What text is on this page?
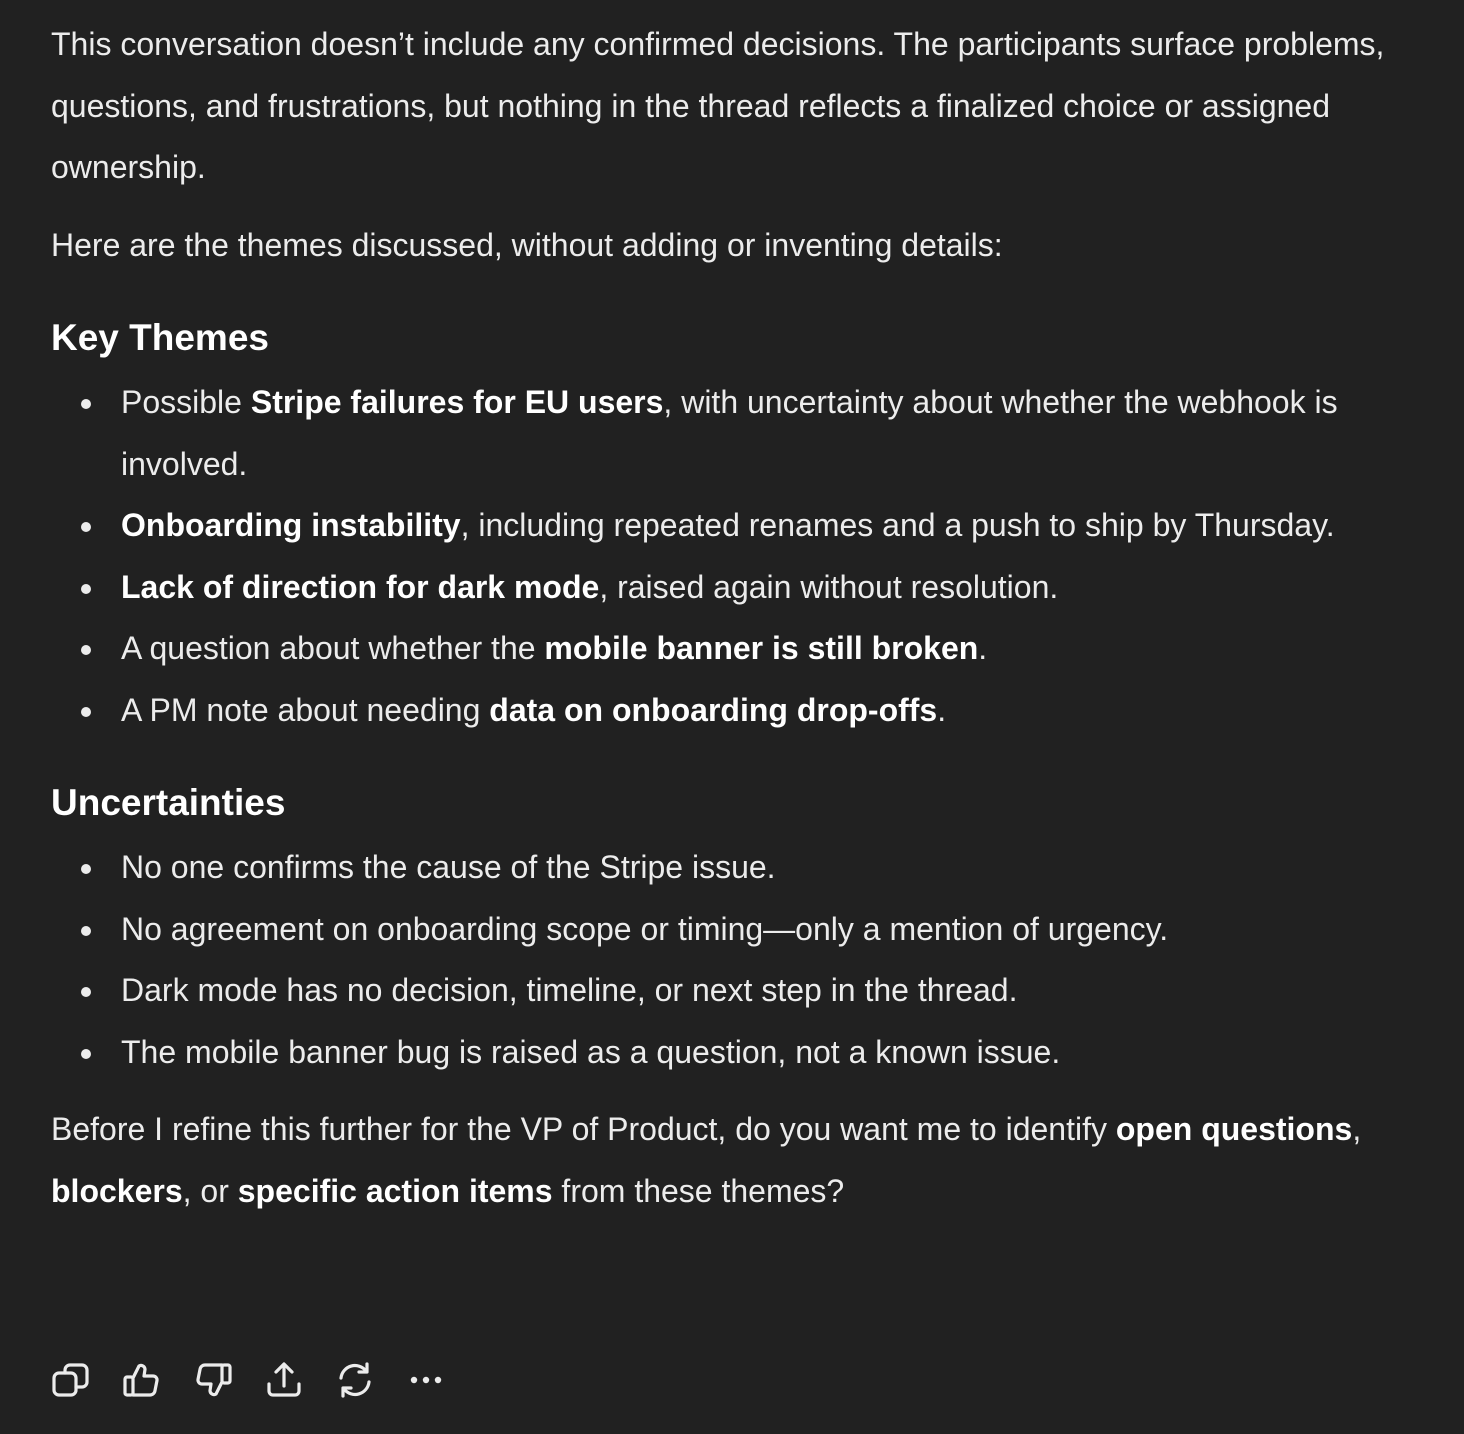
This conversation doesn’t include any confirmed decisions. The participants surface problems, questions, and frustrations, but nothing in the thread reflects a finalized choice or assigned ownership.

Here are the themes discussed, without adding or inventing details:

Key Themes
Possible Stripe failures for EU users, with uncertainty about whether the webhook is involved.
Onboarding instability, including repeated renames and a push to ship by Thursday.
Lack of direction for dark mode, raised again without resolution.
A question about whether the mobile banner is still broken.
A PM note about needing data on onboarding drop-offs.
Uncertainties
No one confirms the cause of the Stripe issue.
No agreement on onboarding scope or timing—only a mention of urgency.
Dark mode has no decision, timeline, or next step in the thread.
The mobile banner bug is raised as a question, not a known issue.

Before I refine this further for the VP of Product, do you want me to identify open questions, blockers, or specific action items from these themes?
